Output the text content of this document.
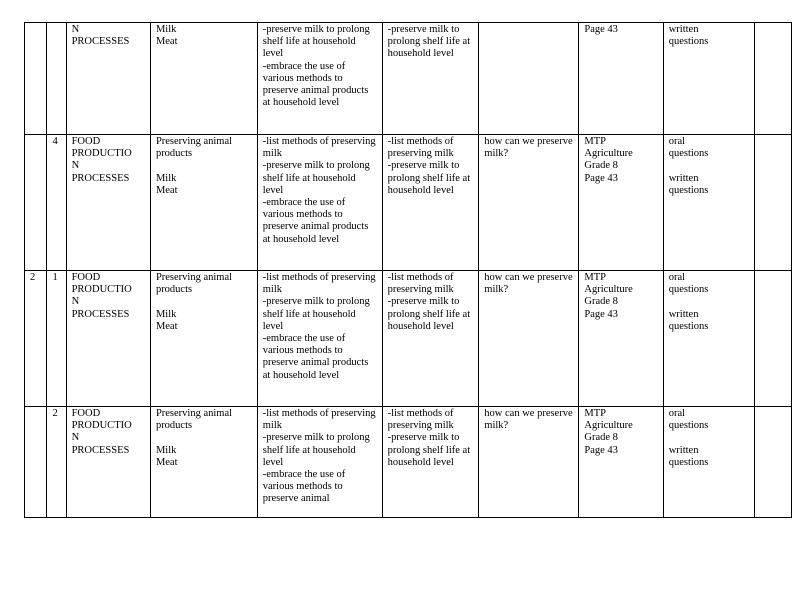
		N
PROCESSES	Milk
Meat	-preserve milk to prolong shelf life at household level
-embrace the use of various methods to preserve animal products at household level	-preserve milk to prolong shelf life at household level		Page 43	written
questions	
	4	FOOD
PRODUCTIO
N
PROCESSES	Preserving animal products

Milk
Meat	-list methods of preserving milk
-preserve milk to prolong shelf life at household level
-embrace the use of various methods to preserve animal products at household level	-list methods of preserving milk
-preserve milk to prolong shelf life at household level	how can we preserve milk?	MTP
Agriculture
Grade 8
Page 43	oral
questions

written
questions	
2	1	FOOD
PRODUCTIO
N
PROCESSES	Preserving animal products

Milk
Meat	-list methods of preserving milk
-preserve milk to prolong shelf life at household level
-embrace the use of various methods to preserve animal products at household level	-list methods of preserving milk
-preserve milk to prolong shelf life at household level	how can we preserve milk?	MTP
Agriculture
Grade 8
Page 43	oral
questions

written
questions	
	2	FOOD
PRODUCTIO
N
PROCESSES	Preserving animal products

Milk
Meat	-list methods of preserving milk
-preserve milk to prolong shelf life at household level
-embrace the use of various methods to preserve animal	-list methods of preserving milk
-preserve milk to prolong shelf life at household level	how can we preserve milk?	MTP
Agriculture
Grade 8
Page 43	oral
questions

written
questions	
